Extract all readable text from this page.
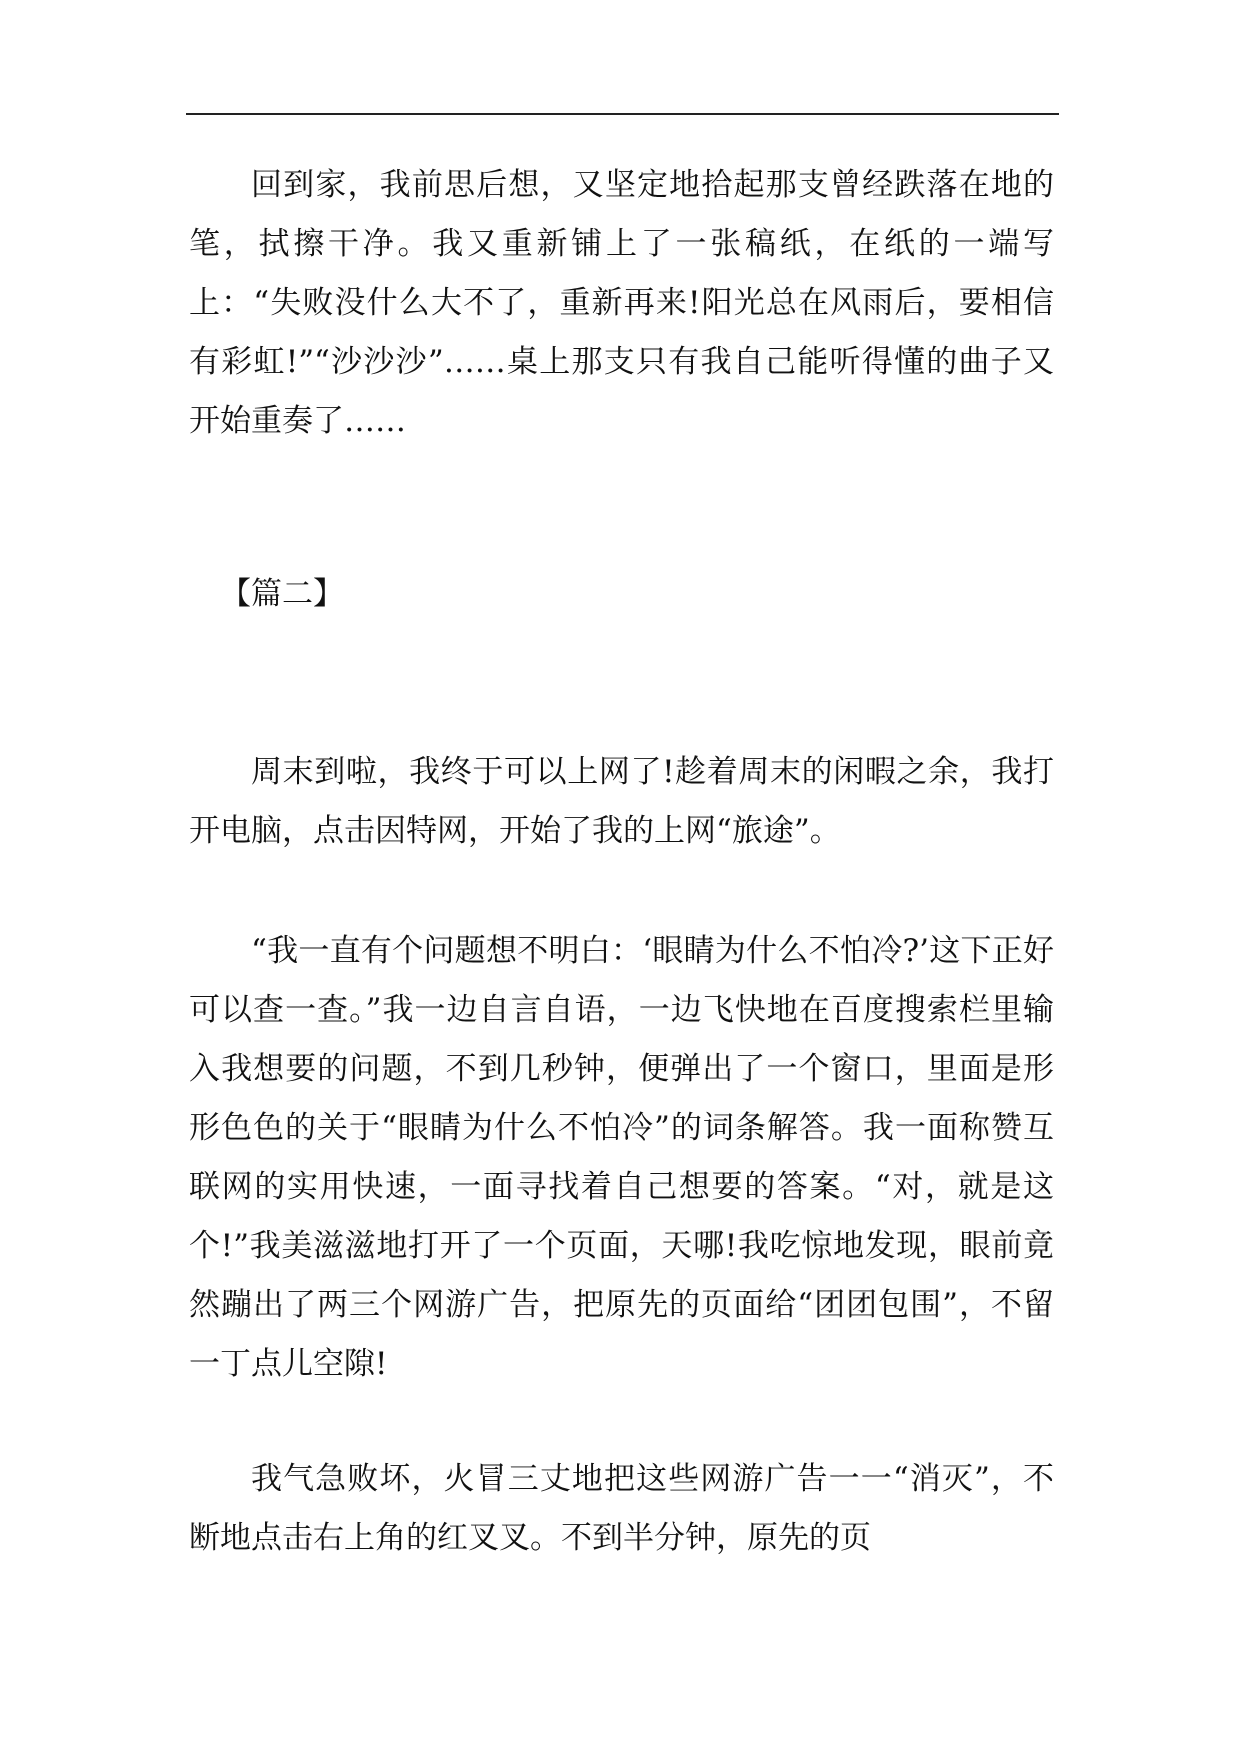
回到家，我前思后想，又坚定地拾起那支曾经跌落在地的笔，拭擦干净。我又重新铺上了一张稿纸，在纸的一端写上：“失败没什么大不了，重新再来!阳光总在风雨后，要相信有彩虹!”“沙沙沙”……桌上那支只有我自己能听得懂的曲子又开始重奏了……

【篇二】

周末到啦，我终于可以上网了!趁着周末的闲暇之余，我打开电脑，点击因特网，开始了我的上网“旅途”。

“我一直有个问题想不明白：‘眼睛为什么不怕冷?’这下正好可以查一查。”我一边自言自语，一边飞快地在百度搜索栏里输入我想要的问题，不到几秒钟，便弹出了一个窗口，里面是形形色色的关于“眼睛为什么不怕冷”的词条解答。我一面称赞互联网的实用快速，一面寻找着自己想要的答案。“对，就是这个!”我美滋滋地打开了一个页面，天哪!我吃惊地发现，眼前竟然蹦出了两三个网游广告，把原先的页面给“团团包围”，不留一丁点儿空隙!

我气急败坏，火冒三丈地把这些网游广告一一“消灭”，不断地点击右上角的红叉叉。不到半分钟，原先的页
